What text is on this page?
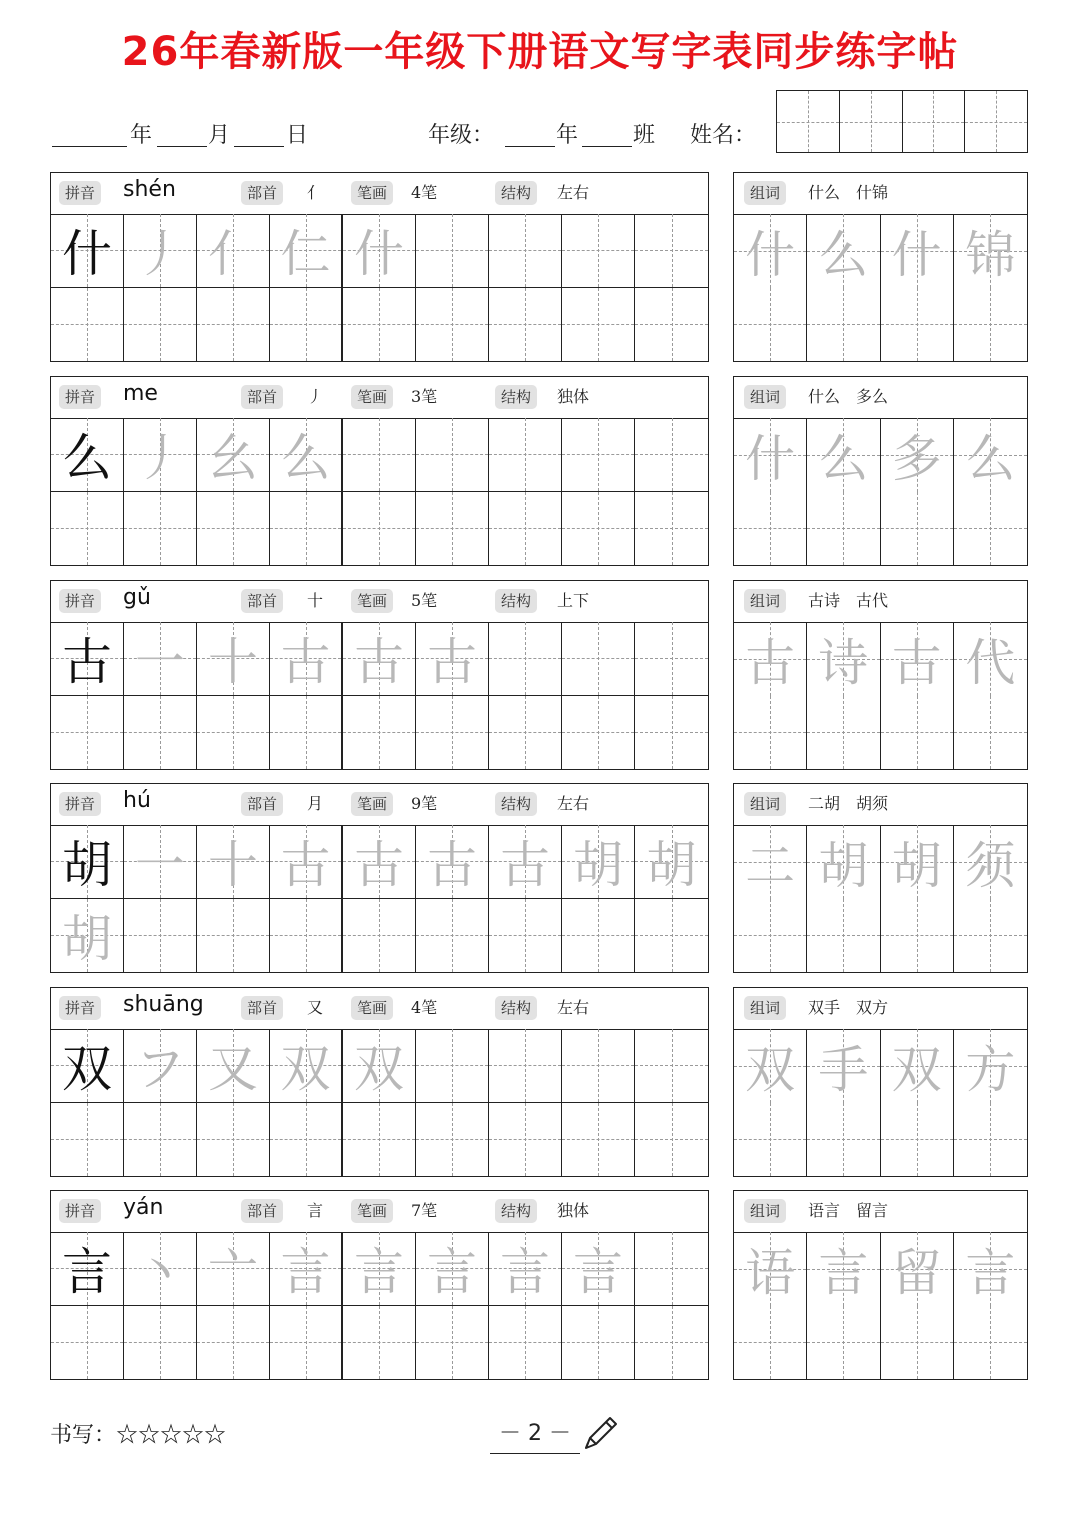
26年春新版一年级下册语文写字表同步练字帖
年	月	日	年级：	年 班 姓名：
拼音 shén	部首	亻	笔画	4笔	结构	左右
什 丿 亻 仁 什
组词	什么　什锦
什 么 什 锦
拼音 me	部首	丿	笔画	3笔	结构	独体
么 丿 幺 么
组词	什么　多么
什 么 多 么
拼音 gǔ	部首	十	笔画	5笔	结构	上下
古 一 十 古 古 古
组词	古诗　古代
古 诗 古 代
拼音 hú	部首	月	笔画	9笔	结构	左右
胡 一 十 古 古 古 古 胡 胡
胡
组词	二胡　胡须
二 胡 胡 须
拼音 shuāng	部首	又	笔画	4笔	结构	左右
双 フ 又 双 双
组词	双手　双方
双 手 双 方
拼音 yán	部首	言	笔画	7笔	结构	独体
言 丶 亠 言 言 言 言 言
组词	语言　留言
语 言 留 言
书写：☆☆☆☆☆	－ 2 －
